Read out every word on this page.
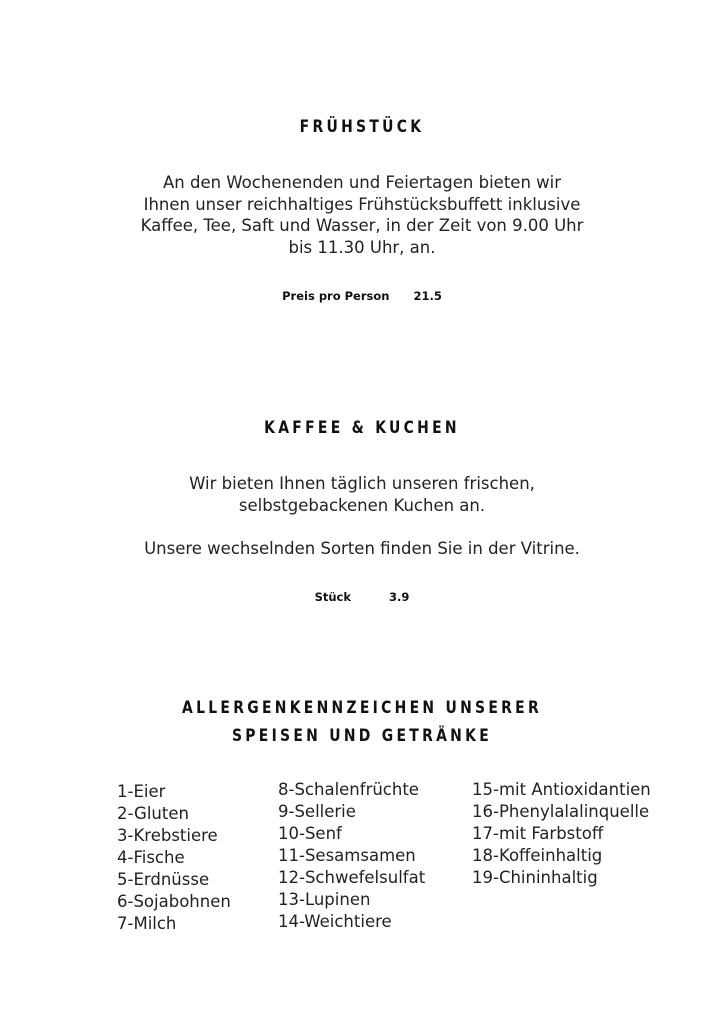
FRÜHSTÜCK

An den Wochenenden und Feiertagen bieten wir
Ihnen unser reichhaltiges Frühstücksbuffett inklusive
Kaffee, Tee, Saft und Wasser, in der Zeit von 9.00 Uhr
bis 11.30 Uhr, an.

Preis pro Person 21.5

KAFFEE & KUCHEN

Wir bieten Ihnen täglich unseren frischen,
selbstgebackenen Kuchen an.

Unsere wechselnden Sorten finden Sie in der Vitrine.

Stück	3.9

ALLERGENKENNZEICHEN UNSERER
SPEISEN UND GETRÄNKE
1-Eier
2-Gluten
3-Krebstiere
4-Fische
5-Erdnüsse
6-Sojabohnen
7-Milch
8-Schalenfrüchte
9-Sellerie
10-Senf
11-Sesamsamen
12-Schwefelsulfat
13-Lupinen
14-Weichtiere
15-mit Antioxidantien
16-Phenylalalinquelle
17-mit Farbstoff
18-Koffeinhaltig
19-Chininhaltig
